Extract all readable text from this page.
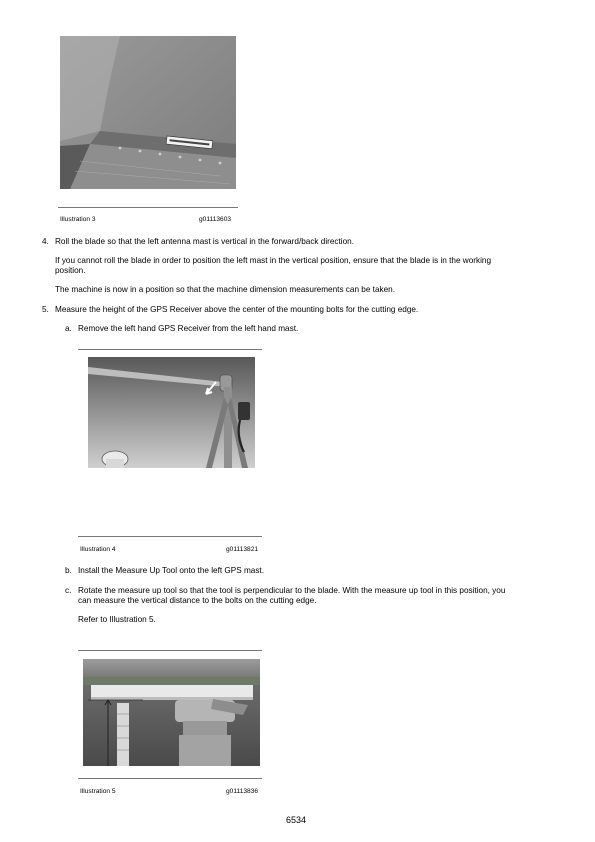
Illustration 3	g01113603
4. Roll the blade so that the left antenna mast is vertical in the forward/back direction.
If you cannot roll the blade in order to position the left mast in the vertical position, ensure that the blade is in the working
position.
The machine is now in a position so that the machine dimension measurements can be taken.
5. Measure the height of the GPS Receiver above the center of the mounting bolts for the cutting edge.
a. Remove the left hand GPS Receiver from the left hand mast.
Illustration 4	g01113821
b. Install the Measure Up Tool onto the left GPS mast.
c. Rotate the measure up tool so that the tool is perpendicular to the blade. With the measure up tool in this position, you
can measure the vertical distance to the bolts on the cutting edge.
Refer to Illustration 5.
Illustration 5	g01113836
6534
